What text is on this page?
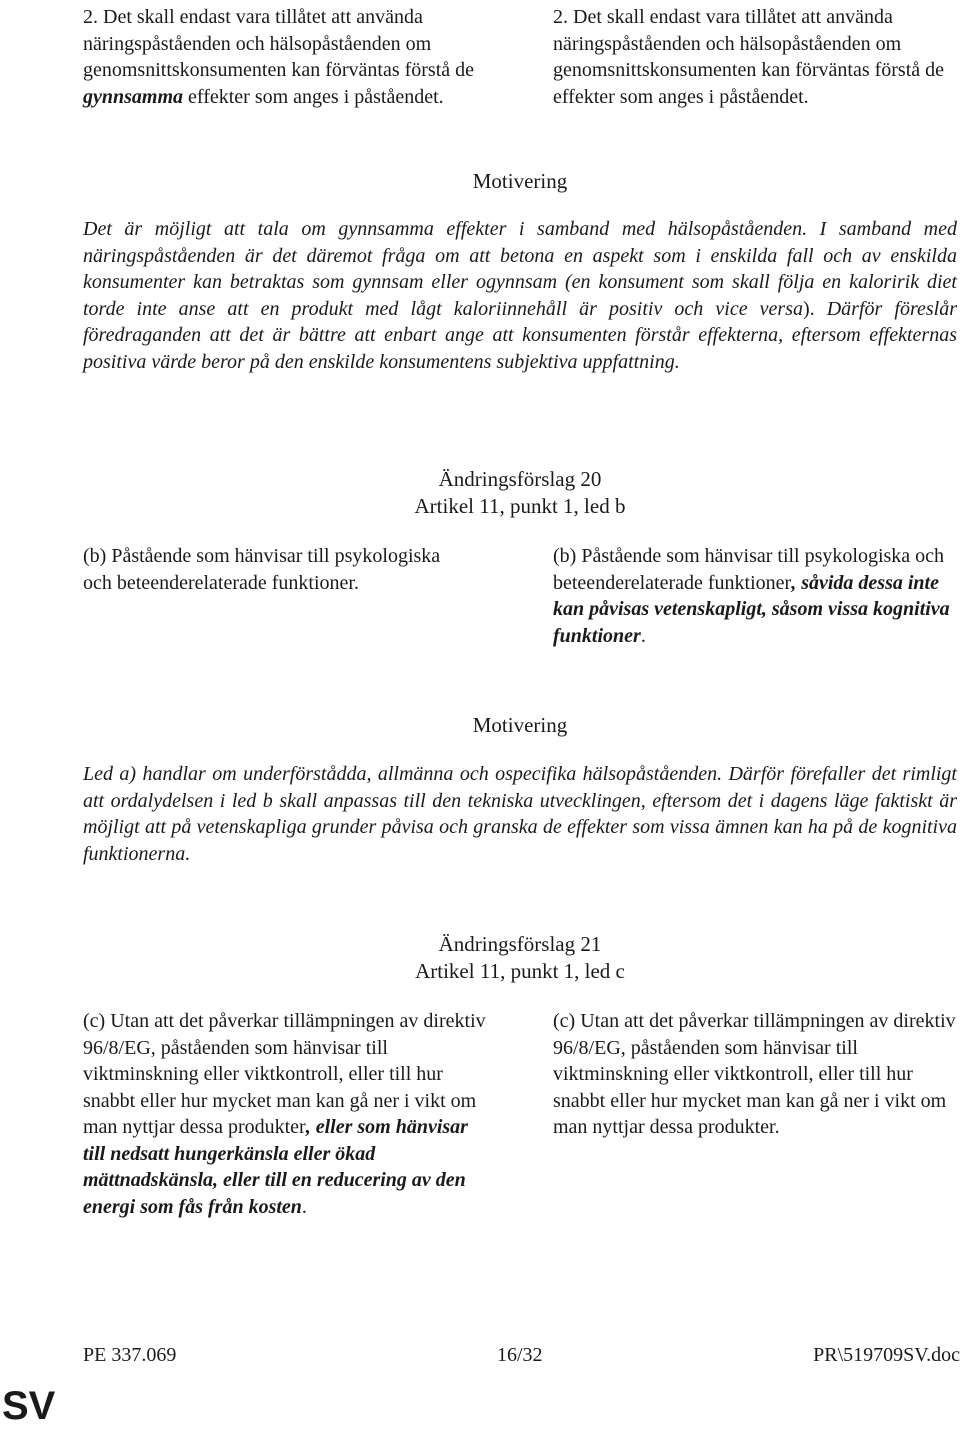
2. Det skall endast vara tillåtet att använda näringspåståenden och hälsopåståenden om genomsnittskonsumenten kan förväntas förstå de gynnsamma effekter som anges i påståendet.
2. Det skall endast vara tillåtet att använda näringspåståenden och hälsopåståenden om genomsnittskonsumenten kan förväntas förstå de effekter som anges i påståendet.
Motivering
Det är möjligt att tala om gynnsamma effekter i samband med hälsopåståenden. I samband med näringspåståenden är det däremot fråga om att betona en aspekt som i enskilda fall och av enskilda konsumenter kan betraktas som gynnsam eller ogynnsam (en konsument som skall följa en kaloririk diet torde inte anse att en produkt med lågt kaloriinnehåll är positiv och vice versa). Därför föreslår föredraganden att det är bättre att enbart ange att konsumenten förstår effekterna, eftersom effekternas positiva värde beror på den enskilde konsumentens subjektiva uppfattning.
Ändringsförslag 20
Artikel 11, punkt 1, led b
(b) Påstående som hänvisar till psykologiska och beteenderelaterade funktioner.
(b) Påstående som hänvisar till psykologiska och beteenderelaterade funktioner, såvida dessa inte kan påvisas vetenskapligt, såsom vissa kognitiva funktioner.
Motivering
Led a) handlar om underförstådda, allmänna och ospecifika hälsopåståenden. Därför förefaller det rimligt att ordalydelsen i led b skall anpassas till den tekniska utvecklingen, eftersom det i dagens läge faktiskt är möjligt att på vetenskapliga grunder påvisa och granska de effekter som vissa ämnen kan ha på de kognitiva funktionerna.
Ändringsförslag 21
Artikel 11, punkt 1, led c
(c) Utan att det påverkar tillämpningen av direktiv 96/8/EG, påståenden som hänvisar till viktminskning eller viktkontroll, eller till hur snabbt eller hur mycket man kan gå ner i vikt om man nyttjar dessa produkter, eller som hänvisar till nedsatt hungerkänsla eller ökad mättnadskänsla, eller till en reducering av den energi som fås från kosten.
(c) Utan att det påverkar tillämpningen av direktiv 96/8/EG, påståenden som hänvisar till viktminskning eller viktkontroll, eller till hur snabbt eller hur mycket man kan gå ner i vikt om man nyttjar dessa produkter.
PE 337.069	16/32	PR\519709SV.doc
SV
